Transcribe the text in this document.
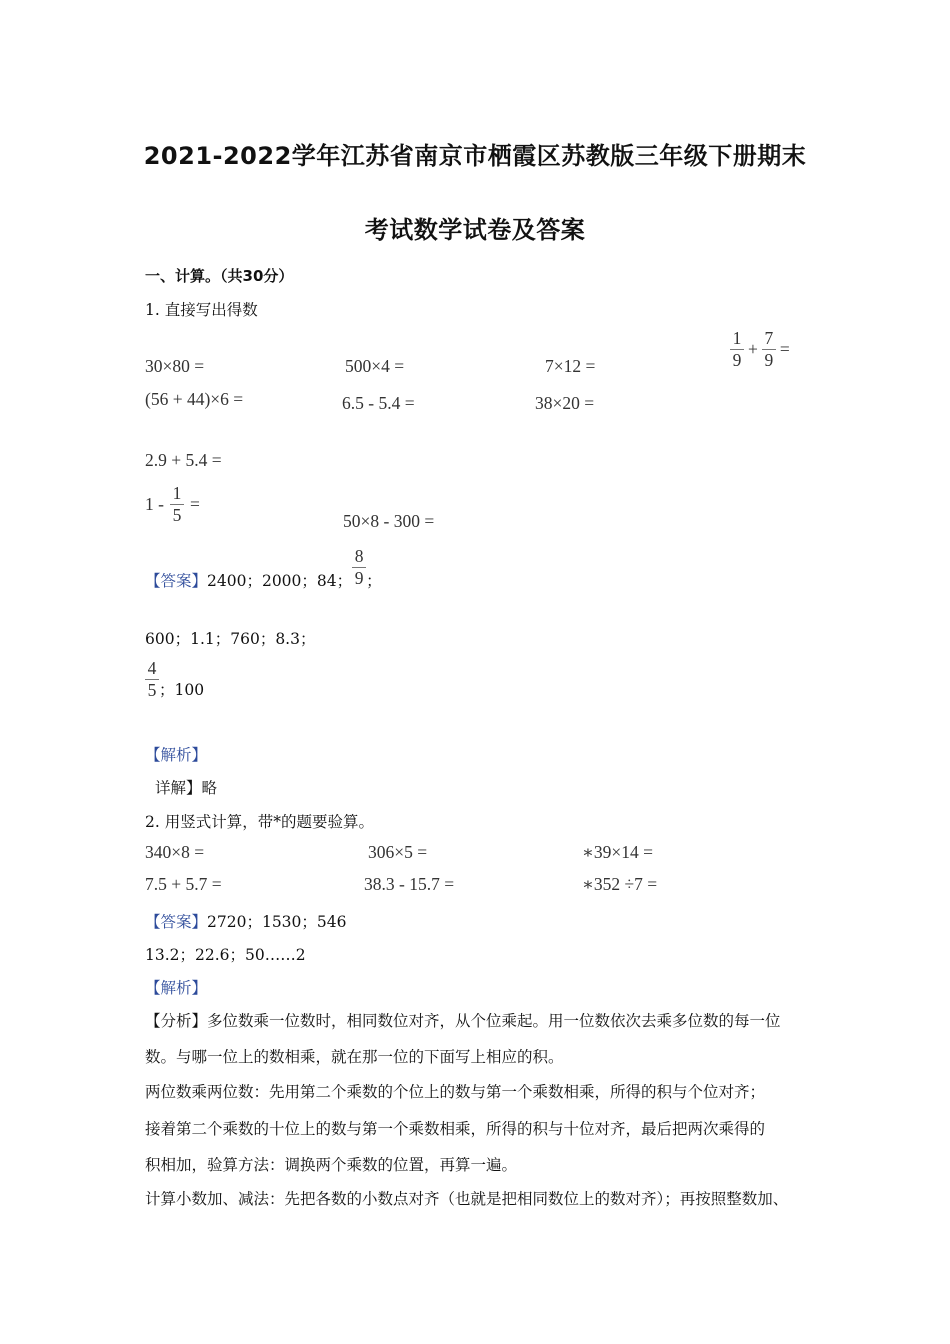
2021-2022学年江苏省南京市栖霞区苏教版三年级下册期末
考试数学试卷及答案
一、计算。（共30分）
1. 直接写出得数
30×80 =	500×4 =	7×12 =	$\frac{1}{9} + \frac{7}{9}$ =
(56 + 44)×6 =	6.5 - 5.4 =	38×20 =
2.9 + 5.4 =
$1 - \frac{1}{5}$ =
50×8 - 300 =
【答案】 2400；2000；84； $\frac{8}{9}$ ；
600；1.1；760；8.3；
$\frac{4}{5}$ ；100
【解析】
详解】略
2. 用竖式计算，带*的题要验算。
340×8 =	306×5 =	∗39×14 =
7.5 + 5.7 =	38.3 - 15.7 =	∗352 ÷7 =
【答案】2720；1530；546
13.2；22.6；50……2
【解析】
【分析】多位数乘一位数时，相同数位对齐，从个位乘起。用一位数依次去乘多位数的每一位
数。与哪一位上的数相乘，就在那一位的下面写上相应的积。
两位数乘两位数：先用第二个乘数的个位上的数与第一个乘数相乘，所得的积与个位对齐；
接着第二个乘数的十位上的数与第一个乘数相乘，所得的积与十位对齐，最后把两次乘得的
积相加，验算方法：调换两个乘数的位置，再算一遍。
计算小数加、减法：先把各数的小数点对齐（也就是把相同数位上的数对齐）；再按照整数加、
